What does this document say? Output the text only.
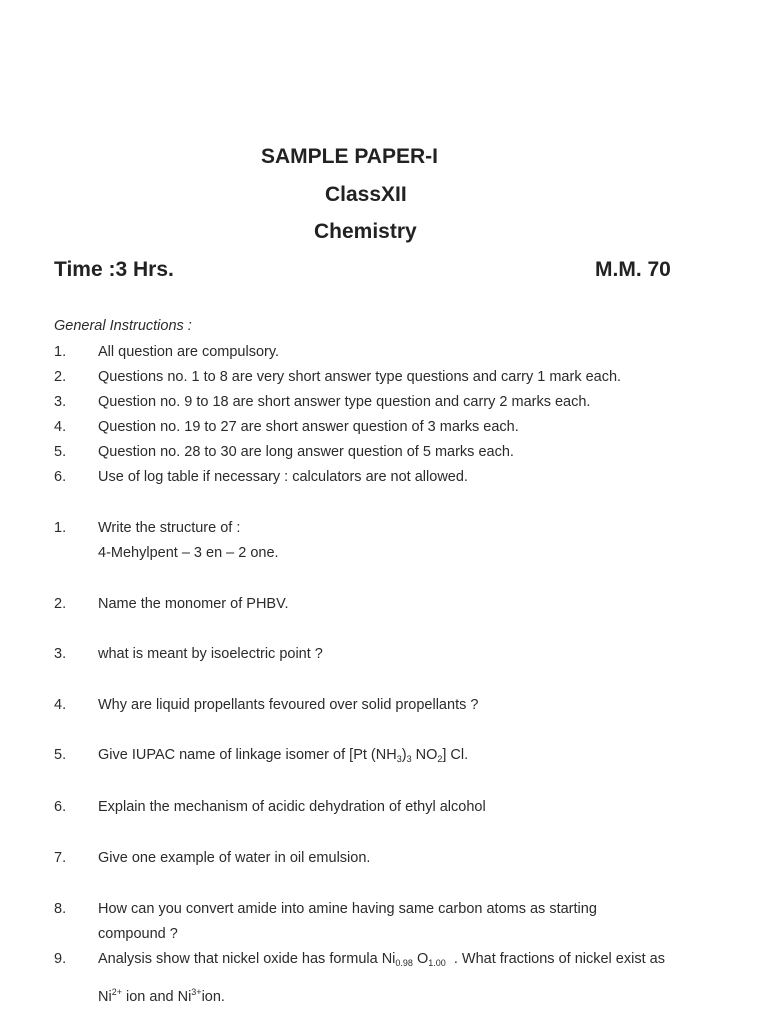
SAMPLE PAPER-I
ClassXII
Chemistry
Time :3 Hrs.	M.M. 70
General Instructions :
1. All question are compulsory.
2. Questions no. 1 to 8 are very short answer type questions and carry 1 mark each.
3. Question no. 9 to 18 are short answer type question and carry 2 marks each.
4. Question no. 19 to 27 are short answer question of 3 marks each.
5. Question no. 28 to 30 are long answer question of 5 marks each.
6. Use of log table if necessary : calculators are not allowed.
1. Write the structure of :
4-Mehylpent – 3 en – 2 one.
2. Name the monomer of PHBV.
3. what is meant by isoelectric point ?
4. Why are liquid propellants fevoured over solid propellants ?
5. Give IUPAC name of linkage isomer of [Pt $(NH_3)_3$ $NO_2$] Cl.
6. Explain the mechanism of acidic dehydration of ethyl alcohol
7. Give one example of water in oil emulsion.
8. How can you convert amide into amine having same carbon atoms as starting
compound ?
9. Analysis show that nickel oxide has formula $Ni_{0.98}$ $O_{1.00}$ . What fractions of nickel exist as
$Ni^{2+}$ ion and $Ni^{3+}ion$.
